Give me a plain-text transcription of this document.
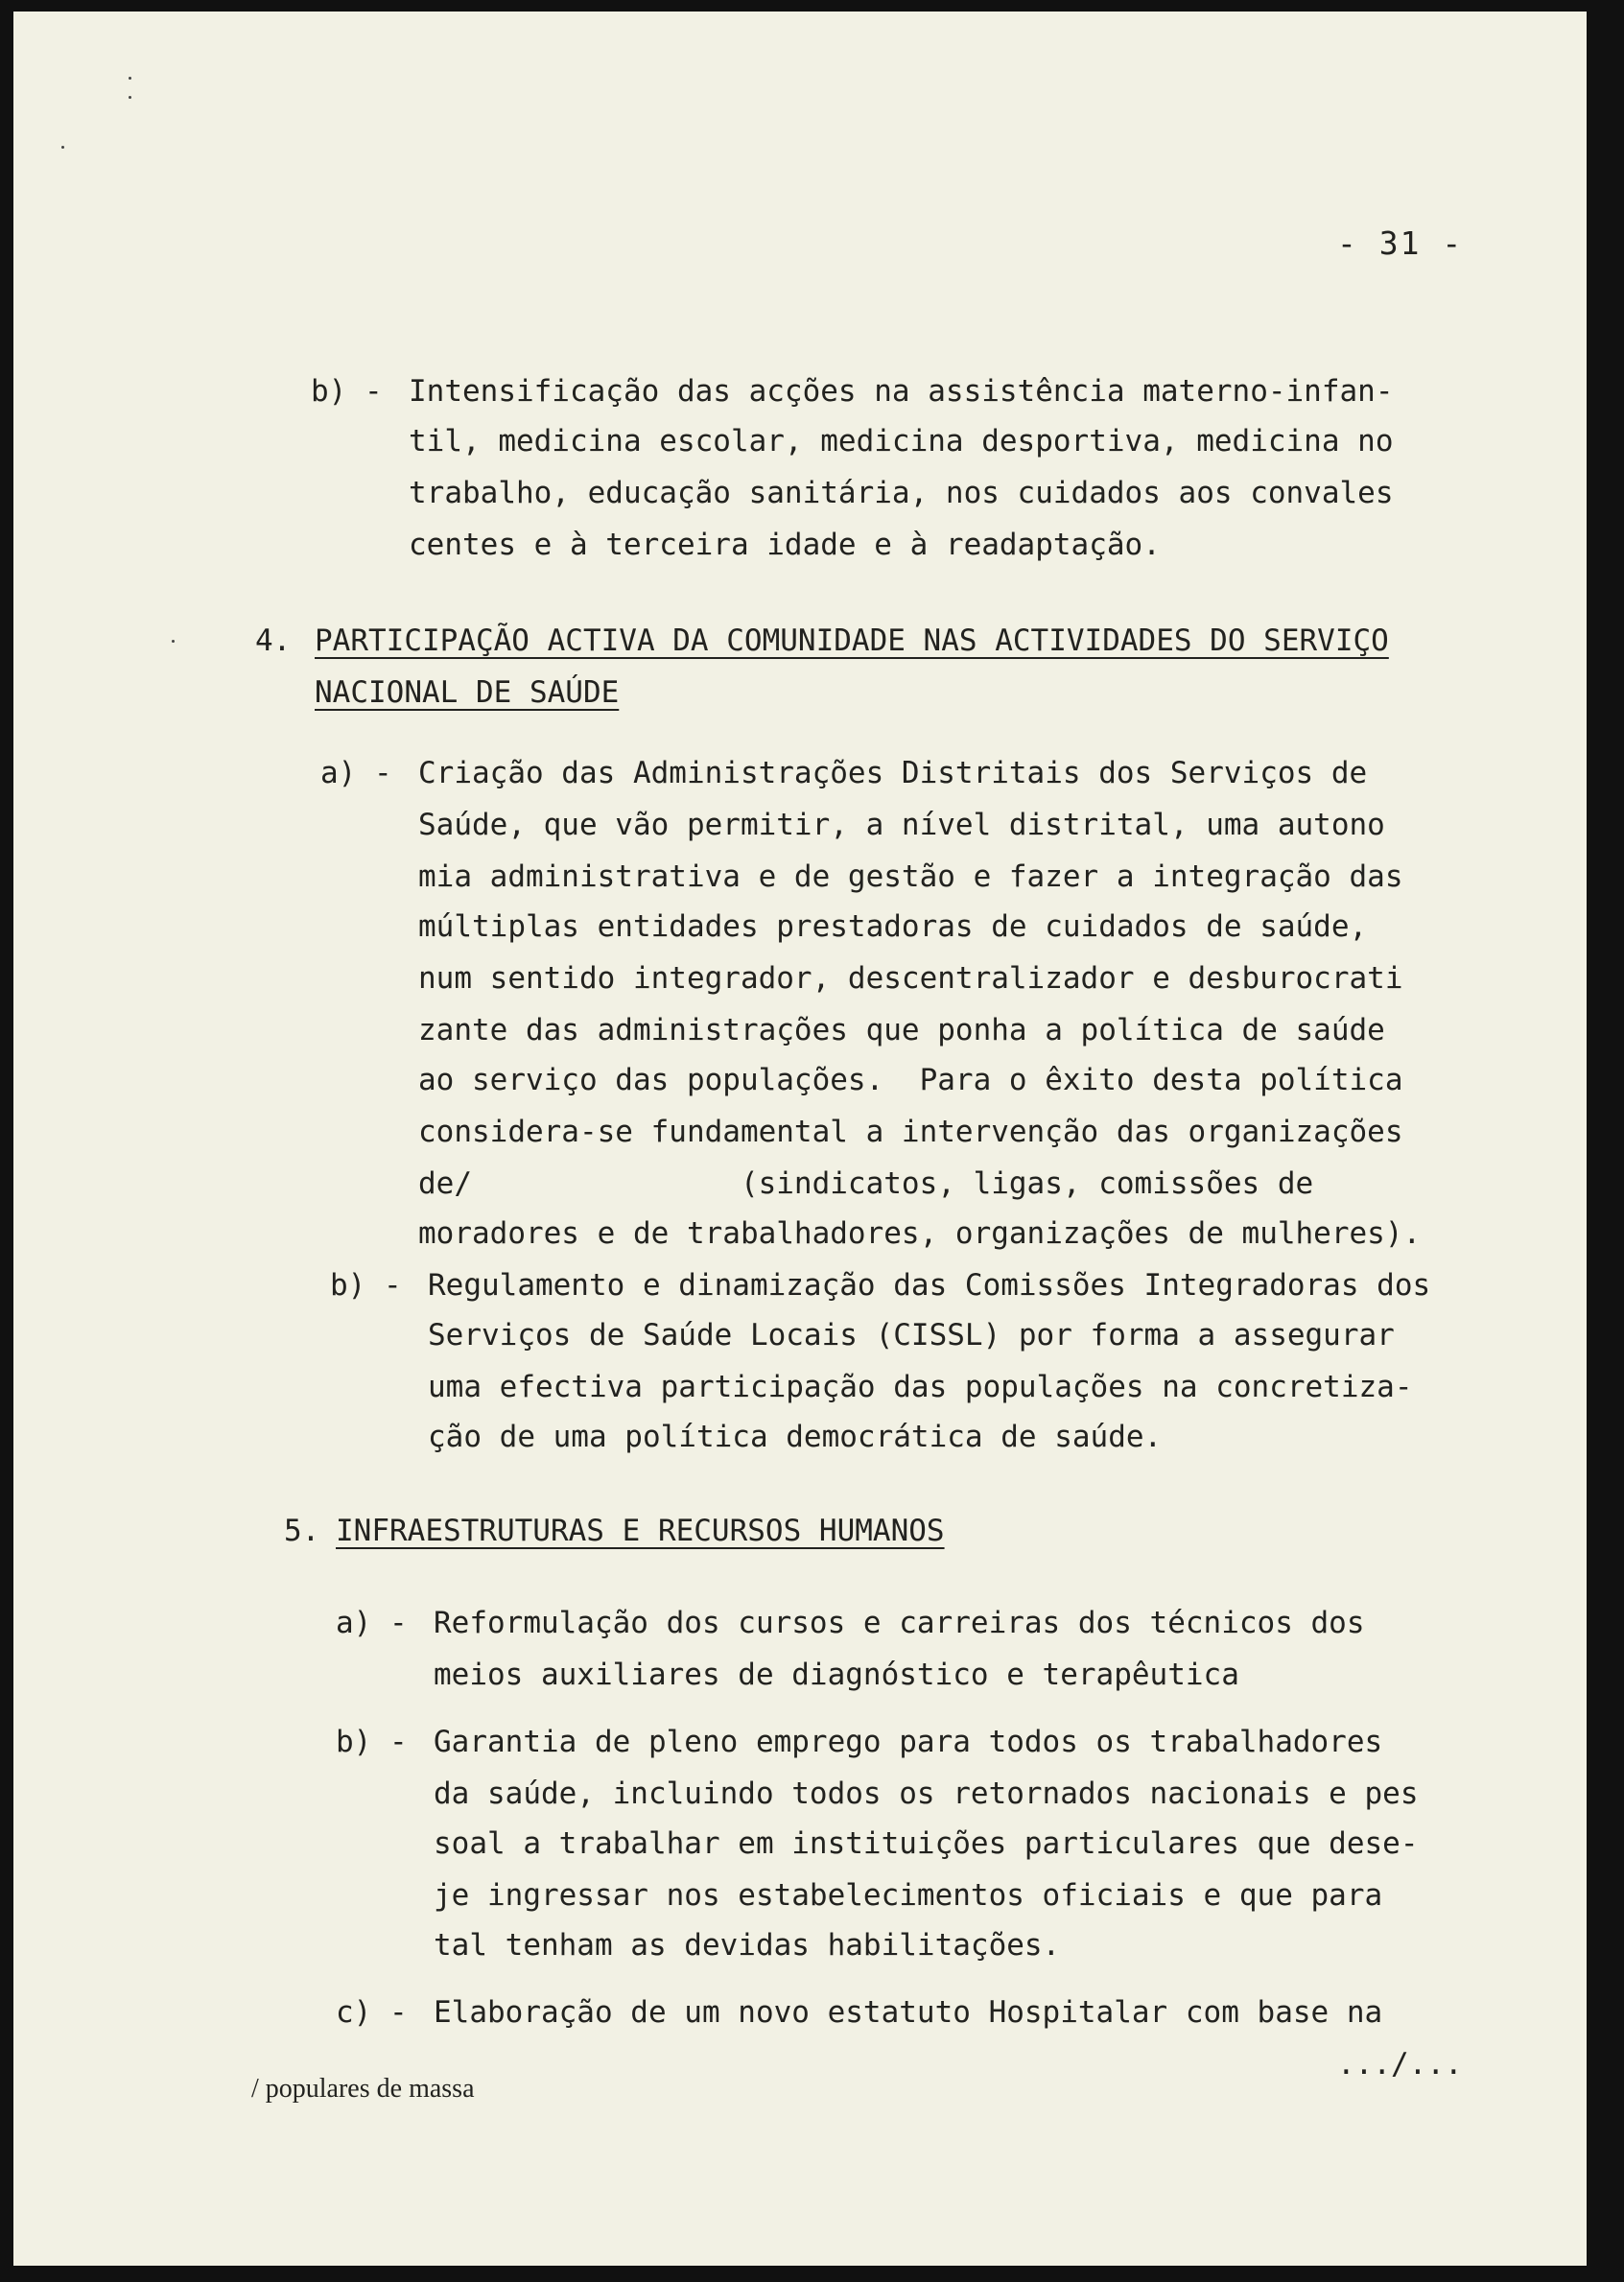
- 31 -
b) - Intensificação das acções na assistência materno-infan-
til, medicina escolar, medicina desportiva, medicina no
trabalho, educação sanitária, nos cuidados aos convales
centes e à terceira idade e à readaptação.
4. PARTICIPAÇÃO ACTIVA DA COMUNIDADE NAS ACTIVIDADES DO SERVIÇO
NACIONAL DE SAÚDE
a) - Criação das Administrações Distritais dos Serviços de
Saúde, que vão permitir, a nível distrital, uma autono
mia administrativa e de gestão e fazer a integração das
múltiplas entidades prestadoras de cuidados de saúde,
num sentido integrador, descentralizador e desburocrati
zante das administrações que ponha a política de saúde
ao serviço das populações.  Para o êxito desta política
considera-se fundamental a intervenção das organizações
de/               (sindicatos, ligas, comissões de
moradores e de trabalhadores, organizações de mulheres).
b) - Regulamento e dinamização das Comissões Integradoras dos
Serviços de Saúde Locais (CISSL) por forma a assegurar
uma efectiva participação das populações na concretiza-
ção de uma política democrática de saúde.
5. INFRAESTRUTURAS E RECURSOS HUMANOS
a) - Reformulação dos cursos e carreiras dos técnicos dos
meios auxiliares de diagnóstico e terapêutica
b) - Garantia de pleno emprego para todos os trabalhadores
da saúde, incluindo todos os retornados nacionais e pes
soal a trabalhar em instituições particulares que dese-
je ingressar nos estabelecimentos oficiais e que para
tal tenham as devidas habilitações.
c) - Elaboração de um novo estatuto Hospitalar com base na
.../...
/ populares de massa
